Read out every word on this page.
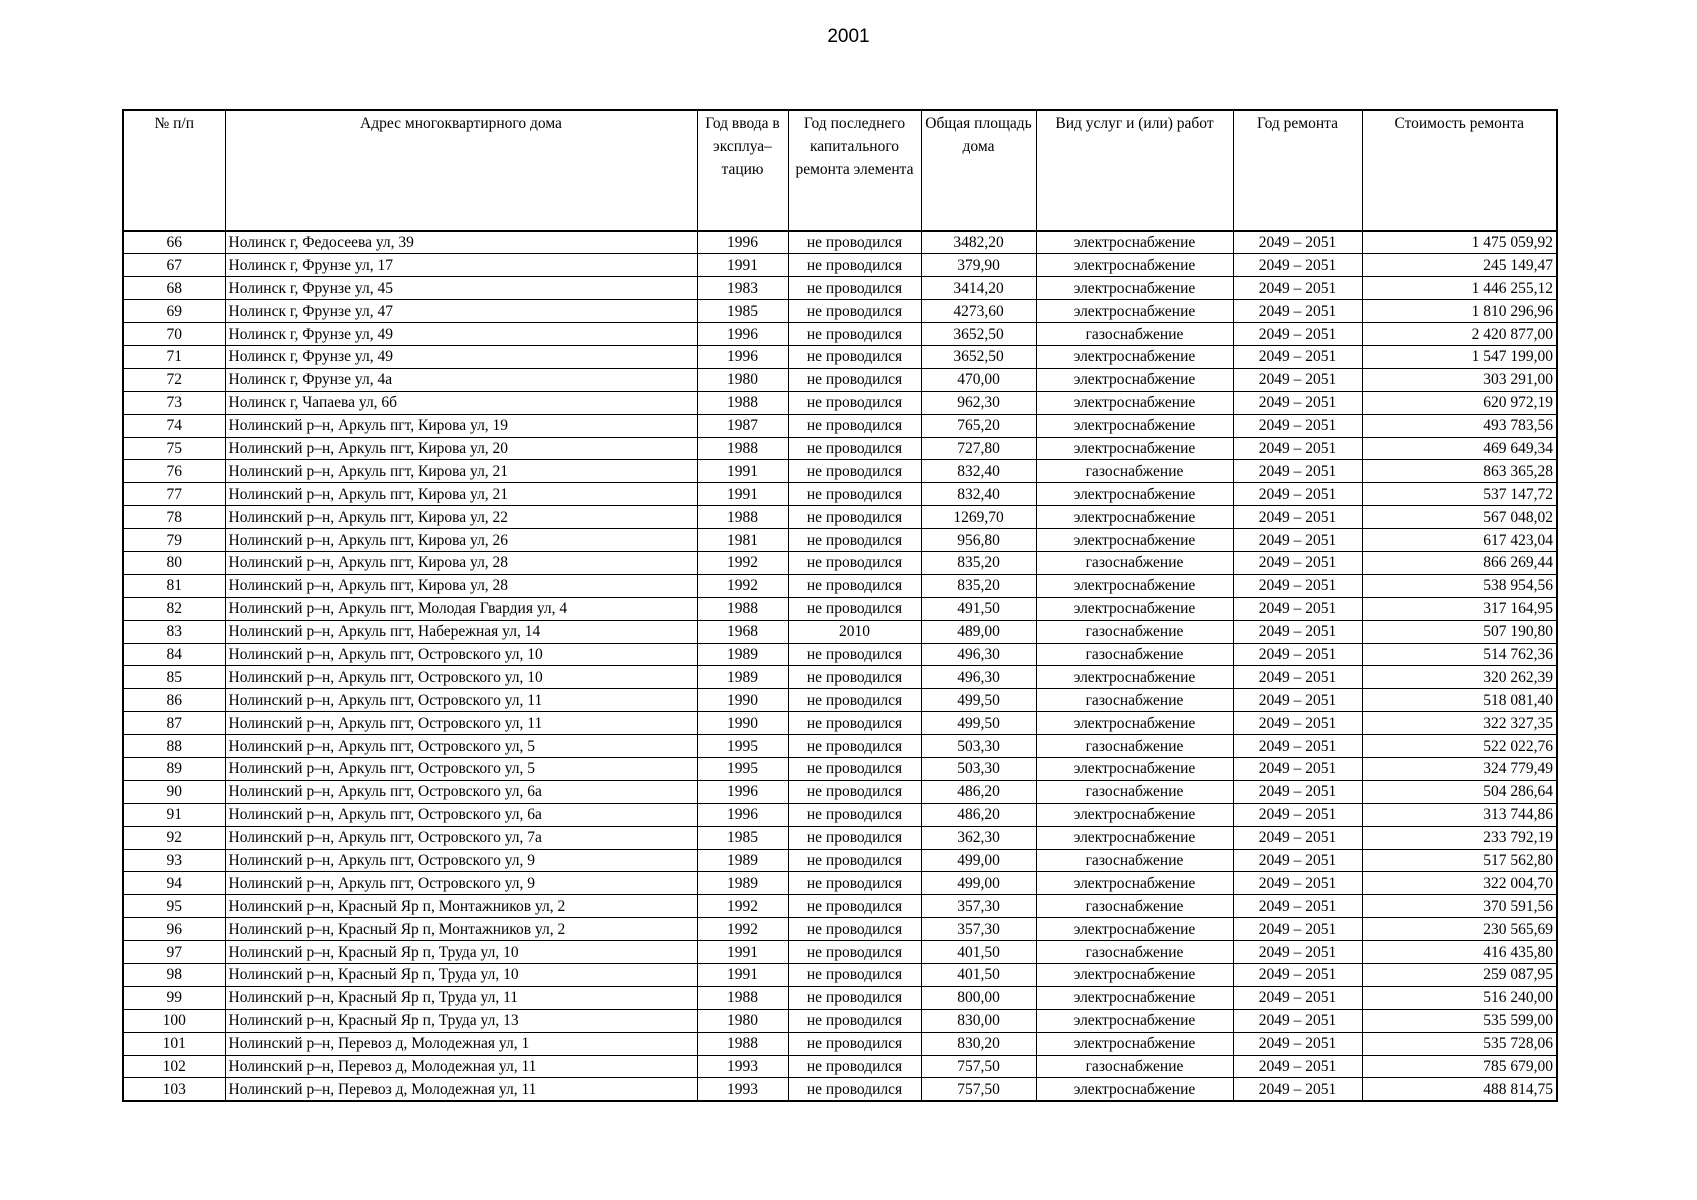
2001
№ п/п	Адрес многоквартирного дома	Год ввода в эксплуа– тацию	Год последнего капитального ремонта элемента	Общая площадь дома	Вид услуг и (или) работ	Год ремонта	Стоимость ремонта
66	Нолинск г, Федосеева ул, 39	1996	не проводился	3482,20	электроснабжение	2049 – 2051	1 475 059,92
67	Нолинск г, Фрунзе ул, 17	1991	не проводился	379,90	электроснабжение	2049 – 2051	245 149,47
68	Нолинск г, Фрунзе ул, 45	1983	не проводился	3414,20	электроснабжение	2049 – 2051	1 446 255,12
69	Нолинск г, Фрунзе ул, 47	1985	не проводился	4273,60	электроснабжение	2049 – 2051	1 810 296,96
70	Нолинск г, Фрунзе ул, 49	1996	не проводился	3652,50	газоснабжение	2049 – 2051	2 420 877,00
71	Нолинск г, Фрунзе ул, 49	1996	не проводился	3652,50	электроснабжение	2049 – 2051	1 547 199,00
72	Нолинск г, Фрунзе ул, 4а	1980	не проводился	470,00	электроснабжение	2049 – 2051	303 291,00
73	Нолинск г, Чапаева ул, 6б	1988	не проводился	962,30	электроснабжение	2049 – 2051	620 972,19
74	Нолинский р–н, Аркуль пгт, Кирова ул, 19	1987	не проводился	765,20	электроснабжение	2049 – 2051	493 783,56
75	Нолинский р–н, Аркуль пгт, Кирова ул, 20	1988	не проводился	727,80	электроснабжение	2049 – 2051	469 649,34
76	Нолинский р–н, Аркуль пгт, Кирова ул, 21	1991	не проводился	832,40	газоснабжение	2049 – 2051	863 365,28
77	Нолинский р–н, Аркуль пгт, Кирова ул, 21	1991	не проводился	832,40	электроснабжение	2049 – 2051	537 147,72
78	Нолинский р–н, Аркуль пгт, Кирова ул, 22	1988	не проводился	1269,70	электроснабжение	2049 – 2051	567 048,02
79	Нолинский р–н, Аркуль пгт, Кирова ул, 26	1981	не проводился	956,80	электроснабжение	2049 – 2051	617 423,04
80	Нолинский р–н, Аркуль пгт, Кирова ул, 28	1992	не проводился	835,20	газоснабжение	2049 – 2051	866 269,44
81	Нолинский р–н, Аркуль пгт, Кирова ул, 28	1992	не проводился	835,20	электроснабжение	2049 – 2051	538 954,56
82	Нолинский р–н, Аркуль пгт, Молодая Гвардия ул, 4	1988	не проводился	491,50	электроснабжение	2049 – 2051	317 164,95
83	Нолинский р–н, Аркуль пгт, Набережная ул, 14	1968	2010	489,00	газоснабжение	2049 – 2051	507 190,80
84	Нолинский р–н, Аркуль пгт, Островского ул, 10	1989	не проводился	496,30	газоснабжение	2049 – 2051	514 762,36
85	Нолинский р–н, Аркуль пгт, Островского ул, 10	1989	не проводился	496,30	электроснабжение	2049 – 2051	320 262,39
86	Нолинский р–н, Аркуль пгт, Островского ул, 11	1990	не проводился	499,50	газоснабжение	2049 – 2051	518 081,40
87	Нолинский р–н, Аркуль пгт, Островского ул, 11	1990	не проводился	499,50	электроснабжение	2049 – 2051	322 327,35
88	Нолинский р–н, Аркуль пгт, Островского ул, 5	1995	не проводился	503,30	газоснабжение	2049 – 2051	522 022,76
89	Нолинский р–н, Аркуль пгт, Островского ул, 5	1995	не проводился	503,30	электроснабжение	2049 – 2051	324 779,49
90	Нолинский р–н, Аркуль пгт, Островского ул, 6а	1996	не проводился	486,20	газоснабжение	2049 – 2051	504 286,64
91	Нолинский р–н, Аркуль пгт, Островского ул, 6а	1996	не проводился	486,20	электроснабжение	2049 – 2051	313 744,86
92	Нолинский р–н, Аркуль пгт, Островского ул, 7а	1985	не проводился	362,30	электроснабжение	2049 – 2051	233 792,19
93	Нолинский р–н, Аркуль пгт, Островского ул, 9	1989	не проводился	499,00	газоснабжение	2049 – 2051	517 562,80
94	Нолинский р–н, Аркуль пгт, Островского ул, 9	1989	не проводился	499,00	электроснабжение	2049 – 2051	322 004,70
95	Нолинский р–н, Красный Яр п, Монтажников ул, 2	1992	не проводился	357,30	газоснабжение	2049 – 2051	370 591,56
96	Нолинский р–н, Красный Яр п, Монтажников ул, 2	1992	не проводился	357,30	электроснабжение	2049 – 2051	230 565,69
97	Нолинский р–н, Красный Яр п, Труда ул, 10	1991	не проводился	401,50	газоснабжение	2049 – 2051	416 435,80
98	Нолинский р–н, Красный Яр п, Труда ул, 10	1991	не проводился	401,50	электроснабжение	2049 – 2051	259 087,95
99	Нолинский р–н, Красный Яр п, Труда ул, 11	1988	не проводился	800,00	электроснабжение	2049 – 2051	516 240,00
100	Нолинский р–н, Красный Яр п, Труда ул, 13	1980	не проводился	830,00	электроснабжение	2049 – 2051	535 599,00
101	Нолинский р–н, Перевоз д, Молодежная ул, 1	1988	не проводился	830,20	электроснабжение	2049 – 2051	535 728,06
102	Нолинский р–н, Перевоз д, Молодежная ул, 11	1993	не проводился	757,50	газоснабжение	2049 – 2051	785 679,00
103	Нолинский р–н, Перевоз д, Молодежная ул, 11	1993	не проводился	757,50	электроснабжение	2049 – 2051	488 814,75
